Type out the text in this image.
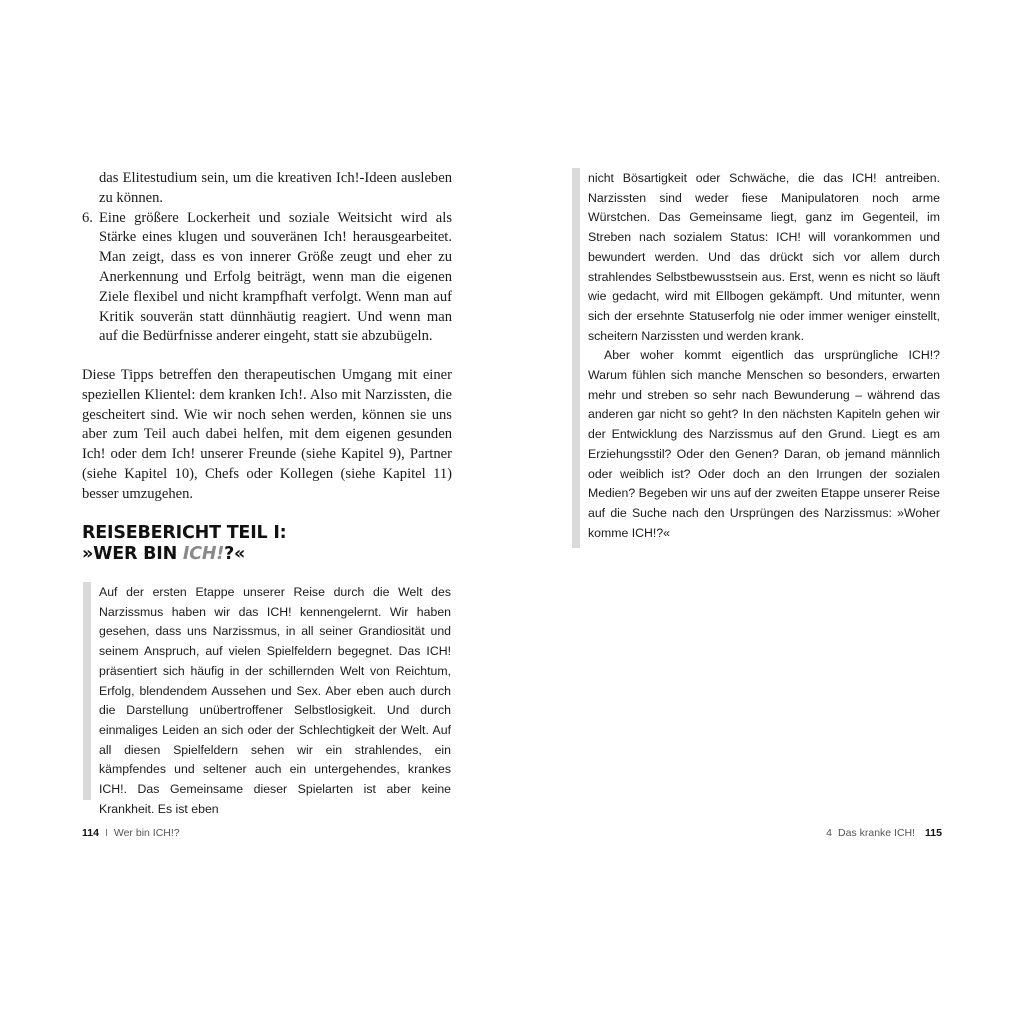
das Elitestudium sein, um die kreativen Ich!-Ideen ausleben zu können.

6. Eine größere Lockerheit und soziale Weitsicht wird als Stärke eines klugen und souveränen Ich! herausgearbeitet. Man zeigt, dass es von innerer Größe zeugt und eher zu Anerkennung und Erfolg beiträgt, wenn man die eigenen Ziele flexibel und nicht krampfhaft verfolgt. Wenn man auf Kritik souverän statt dünnhäutig reagiert. Und wenn man auf die Bedürfnisse anderer eingeht, statt sie abzubügeln.

Diese Tipps betreffen den therapeutischen Umgang mit einer speziellen Klientel: dem kranken Ich!. Also mit Narzissten, die gescheitert sind. Wie wir noch sehen werden, können sie uns aber zum Teil auch dabei helfen, mit dem eigenen gesunden Ich! oder dem Ich! unserer Freunde (siehe Kapitel 9), Partner (siehe Kapitel 10), Chefs oder Kollegen (siehe Kapitel 11) besser umzugehen.

REISEBERICHT TEIL I:
»WER BIN ICH!?«

Auf der ersten Etappe unserer Reise durch die Welt des Narzissmus haben wir das ICH! kennengelernt. Wir haben gesehen, dass uns Narzissmus, in all seiner Grandiosität und seinem Anspruch, auf vielen Spielfeldern begegnet. Das ICH! präsentiert sich häufig in der schillernden Welt von Reichtum, Erfolg, blendendem Aussehen und Sex. Aber eben auch durch die Darstellung unübertroffener Selbstlosigkeit. Und durch einmaliges Leiden an sich oder der Schlechtigkeit der Welt. Auf all diesen Spielfeldern sehen wir ein strahlendes, ein kämpfendes und seltener auch ein untergehendes, krankes ICH!. Das Gemeinsame dieser Spielarten ist aber keine Krankheit. Es ist eben

114 I Wer bin ICH!?

nicht Bösartigkeit oder Schwäche, die das ICH! antreiben. Narzissten sind weder fiese Manipulatoren noch arme Würstchen. Das Gemeinsame liegt, ganz im Gegenteil, im Streben nach sozialem Status: ICH! will vorankommen und bewundert werden. Und das drückt sich vor allem durch strahlendes Selbstbewusstsein aus. Erst, wenn es nicht so läuft wie gedacht, wird mit Ellbogen gekämpft. Und mitunter, wenn sich der ersehnte Statuserfolg nie oder immer weniger einstellt, scheitern Narzissten und werden krank.

Aber woher kommt eigentlich das ursprüngliche ICH!? Warum fühlen sich manche Menschen so besonders, erwarten mehr und streben so sehr nach Bewunderung – während das anderen gar nicht so geht? In den nächsten Kapiteln gehen wir der Entwicklung des Narzissmus auf den Grund. Liegt es am Erziehungsstil? Oder den Genen? Daran, ob jemand männlich oder weiblich ist? Oder doch an den Irrungen der sozialen Medien? Begeben wir uns auf der zweiten Etappe unserer Reise auf die Suche nach den Ursprüngen des Narzissmus: »Woher komme ICH!?«

4 Das kranke ICH! 115
